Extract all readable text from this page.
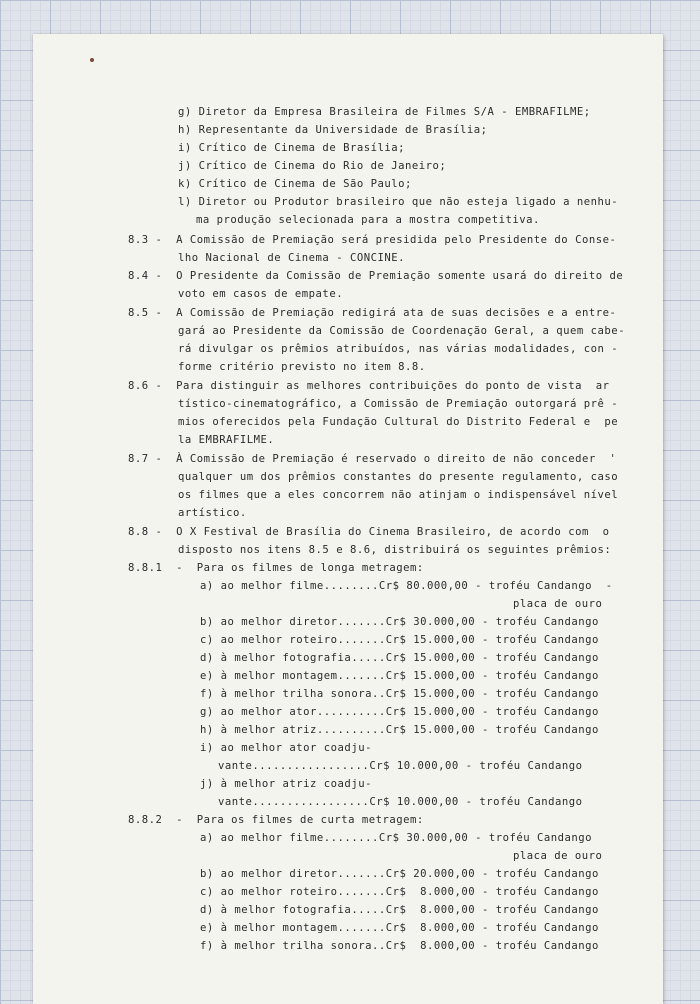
g) Diretor da Empresa Brasileira de Filmes S/A - EMBRAFILME;
h) Representante da Universidade de Brasília;
i) Crítico de Cinema de Brasília;
j) Crítico de Cinema do Rio de Janeiro;
k) Crítico de Cinema de São Paulo;
l) Diretor ou Produtor brasileiro que não esteja ligado a nenhu-
ma produção selecionada para a mostra competitiva.
8.3 -  A Comissão de Premiação será presidida pelo Presidente do Conse-
lho Nacional de Cinema - CONCINE.
8.4 -  O Presidente da Comissão de Premiação somente usará do direito de
voto em casos de empate.
8.5 -  A Comissão de Premiação redigirá ata de suas decisões e a entre-
gará ao Presidente da Comissão de Coordenação Geral, a quem cabe-
rá divulgar os prêmios atribuídos, nas várias modalidades, con -
forme critério previsto no item 8.8.
8.6 -  Para distinguir as melhores contribuições do ponto de vista  ar
tístico-cinematográfico, a Comissão de Premiação outorgará prê -
mios oferecidos pela Fundação Cultural do Distrito Federal e  pe
la EMBRAFILME.
8.7 -  À Comissão de Premiação é reservado o direito de não conceder  '
qualquer um dos prêmios constantes do presente regulamento, caso
os filmes que a eles concorrem não atinjam o indispensável nível
artístico.
8.8 -  O X Festival de Brasília do Cinema Brasileiro, de acordo com  o
disposto nos itens 8.5 e 8.6, distribuirá os seguintes prêmios:
8.8.1  -  Para os filmes de longa metragem:
a) ao melhor filme........Cr$ 80.000,00 - troféu Candango  -
placa de ouro
b) ao melhor diretor.......Cr$ 30.000,00 - troféu Candango
c) ao melhor roteiro.......Cr$ 15.000,00 - troféu Candango
d) à melhor fotografia.....Cr$ 15.000,00 - troféu Candango
e) à melhor montagem.......Cr$ 15.000,00 - troféu Candango
f) à melhor trilha sonora..Cr$ 15.000,00 - troféu Candango
g) ao melhor ator..........Cr$ 15.000,00 - troféu Candango
h) à melhor atriz..........Cr$ 15.000,00 - troféu Candango
i) ao melhor ator coadju-
vante.................Cr$ 10.000,00 - troféu Candango
j) à melhor atriz coadju-
vante.................Cr$ 10.000,00 - troféu Candango
8.8.2  -  Para os filmes de curta metragem:
a) ao melhor filme........Cr$ 30.000,00 - troféu Candango
placa de ouro
b) ao melhor diretor.......Cr$ 20.000,00 - troféu Candango
c) ao melhor roteiro.......Cr$  8.000,00 - troféu Candango
d) à melhor fotografia.....Cr$  8.000,00 - troféu Candango
e) à melhor montagem.......Cr$  8.000,00 - troféu Candango
f) à melhor trilha sonora..Cr$  8.000,00 - troféu Candango
